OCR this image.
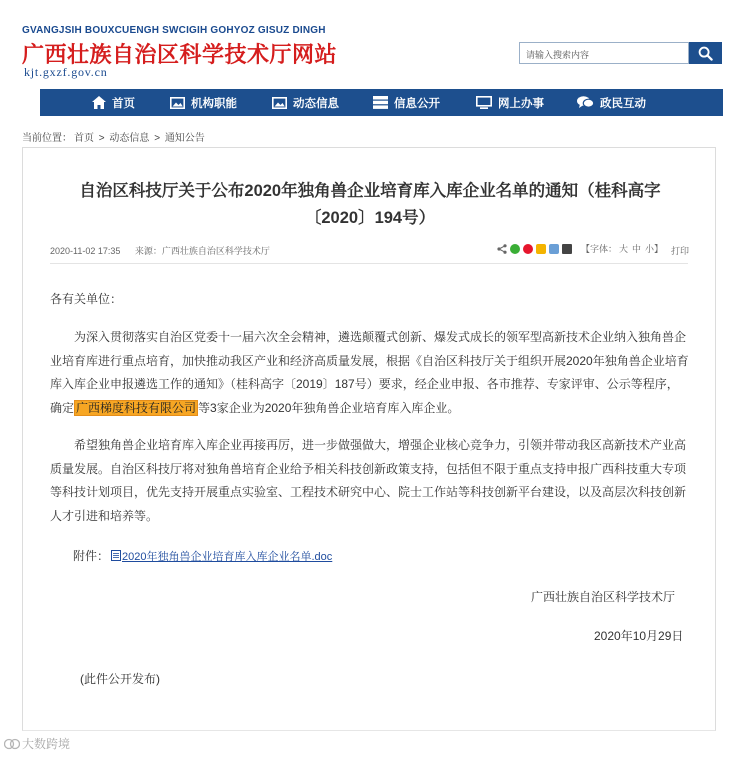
GVANGJSIH BOUXCUENGH SWCIGIH GOHYOZ GISUZ DINGH
广西壮族自治区科学技术厅网站
kjt.gxzf.gov.cn
请输入搜索内容
首页	机构职能	动态信息	信息公开	网上办事	政民互动
当前位置： 首页 > 动态信息 > 通知公告
自治区科技厅关于公布2020年独角兽企业培育库入库企业名单的通知（桂科高字
〔2020〕194号）
2020-11-02 17:35 来源：广西壮族自治区科学技术厅	【字体： 大 中 小】 打印
各有关单位：
为深入贯彻落实自治区党委十一届六次全会精神，遴选颠覆式创新、爆发式成长的领军型高新技术企业纳入独角兽企业培育库进行重点培育，加快推动我区产业和经济高质量发展，根据《自治区科技厅关于组织开展2020年独角兽企业培育库入库企业申报遴选工作的通知》（桂科高字〔2019〕187号）要求，经企业申报、各市推荐、专家评审、公示等程序，确定 广西梯度科技有限公司 等3家企业为2020年独角兽企业培育库入库企业。
希望独角兽企业培育库入库企业再接再厉，进一步做强做大，增强企业核心竞争力，引领并带动我区高新技术产业高质量发展。自治区科技厅将对独角兽培育企业给予相关科技创新政策支持，包括但不限于重点支持申报广西科技重大专项等科技计划项目，优先支持开展重点实验室、工程技术研究中心、院士工作站等科技创新平台建设，以及高层次科技创新人才引进和培养等。
附件： 2020年独角兽企业培育库入库企业名单.doc
广西壮族自治区科学技术厅
2020年10月29日
(此件公开发布)
大数跨境
